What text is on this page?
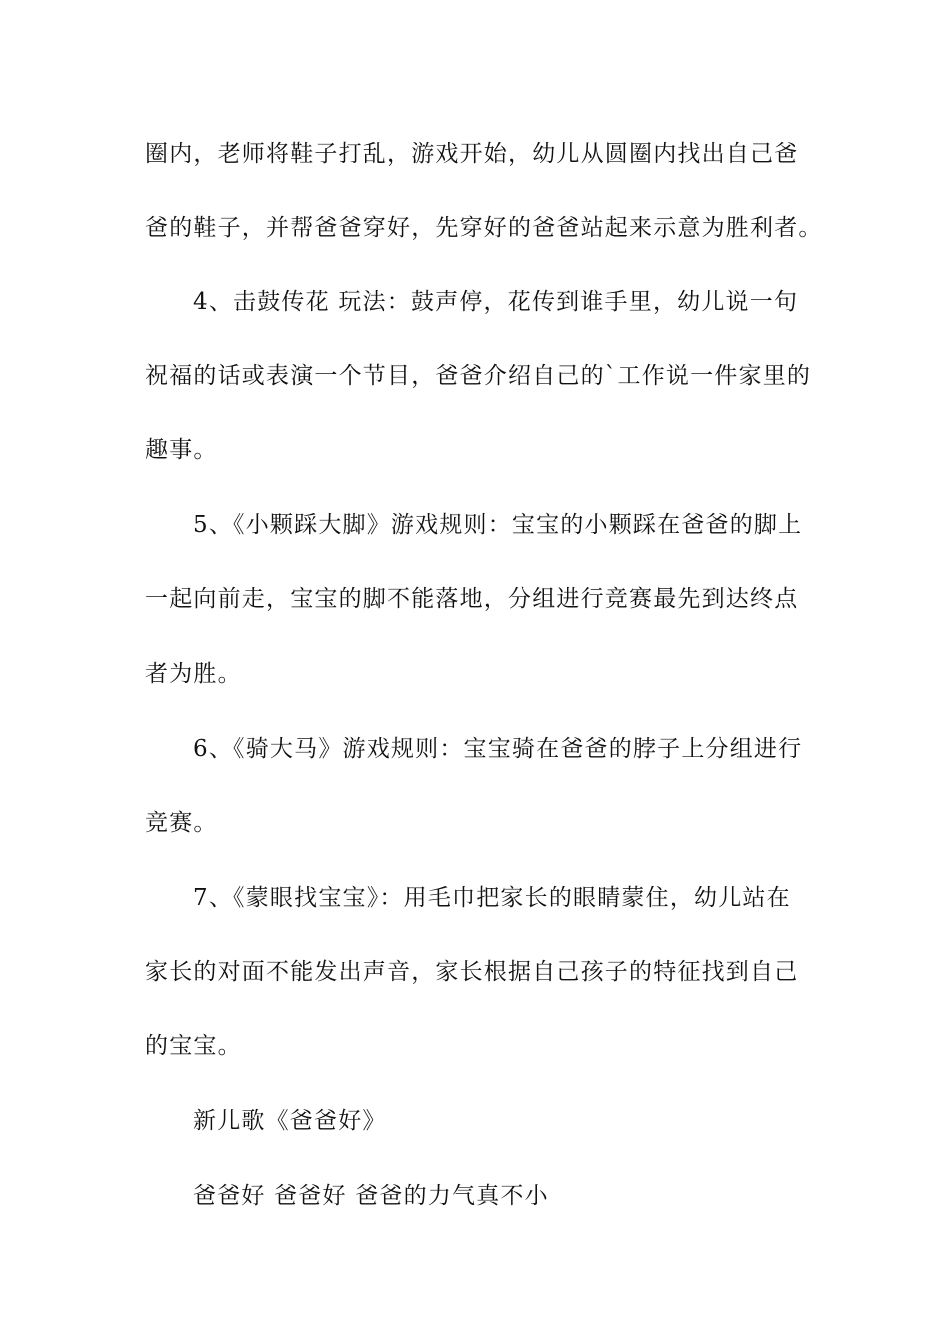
圈内，老师将鞋子打乱，游戏开始，幼儿从圆圈内找出自己爸
爸的鞋子，并帮爸爸穿好，先穿好的爸爸站起来示意为胜利者。
4、击鼓传花 玩法：鼓声停，花传到谁手里，幼儿说一句
祝福的话或表演一个节目，爸爸介绍自己的`工作说一件家里的
趣事。
5、《小颗踩大脚》游戏规则：宝宝的小颗踩在爸爸的脚上
一起向前走，宝宝的脚不能落地，分组进行竞赛最先到达终点
者为胜。
6、《骑大马》游戏规则：宝宝骑在爸爸的脖子上分组进行
竞赛。
7、《蒙眼找宝宝》：用毛巾把家长的眼睛蒙住，幼儿站在
家长的对面不能发出声音，家长根据自己孩子的特征找到自己
的宝宝。
新儿歌《爸爸好》
爸爸好 爸爸好 爸爸的力气真不小
